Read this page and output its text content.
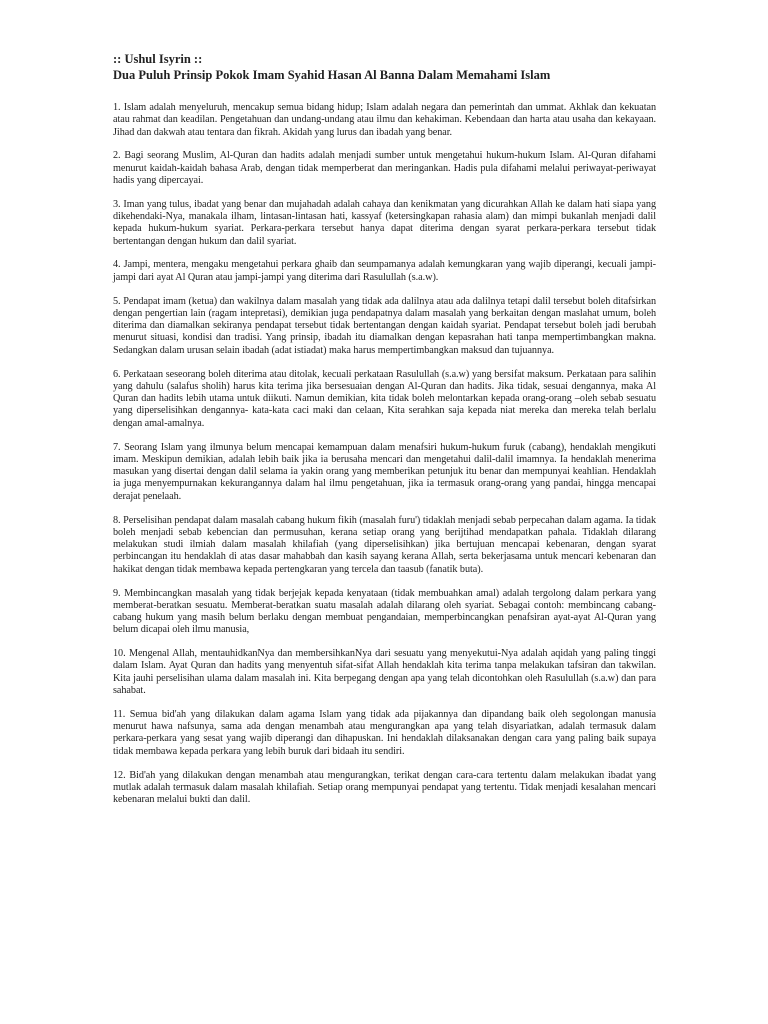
:: Ushul Isyrin ::
Dua Puluh Prinsip Pokok Imam Syahid Hasan Al Banna Dalam Memahami Islam

1. Islam adalah menyeluruh, mencakup semua bidang hidup; Islam adalah negara dan pemerintah dan ummat. Akhlak dan kekuatan atau rahmat dan keadilan. Pengetahuan dan undang-undang atau ilmu dan kehakiman. Kebendaan dan harta atau usaha dan kekayaan. Jihad dan dakwah atau tentara dan fikrah. Akidah yang lurus dan ibadah yang benar.

2. Bagi seorang Muslim, Al-Quran dan hadits adalah menjadi sumber untuk mengetahui hukum-hukum Islam. Al-Quran difahami menurut kaidah-kaidah bahasa Arab, dengan tidak memperberat dan meringankan. Hadis pula difahami melalui periwayat-periwayat hadis yang dipercayai.

3. Iman yang tulus, ibadat yang benar dan mujahadah adalah cahaya dan kenikmatan yang dicurahkan Allah ke dalam hati siapa yang dikehendaki-Nya, manakala ilham, lintasan-lintasan hati, kassyaf (ketersingkapan rahasia alam) dan mimpi bukanlah menjadi dalil kepada hukum-hukum syariat. Perkara-perkara tersebut hanya dapat diterima dengan syarat perkara-perkara tersebut tidak bertentangan dengan hukum dan dalil syariat.

4. Jampi, mentera, mengaku mengetahui perkara ghaib dan seumpamanya adalah kemungkaran yang wajib diperangi, kecuali jampi-jampi dari ayat Al Quran atau jampi-jampi yang diterima dari Rasulullah (s.a.w).

5. Pendapat imam (ketua) dan wakilnya dalam masalah yang tidak ada dalilnya atau ada dalilnya tetapi dalil tersebut boleh ditafsirkan dengan pengertian lain (ragam intepretasi), demikian juga pendapatnya dalam masalah yang berkaitan dengan maslahat umum, boleh diterima dan diamalkan sekiranya pendapat tersebut tidak bertentangan dengan kaidah syariat. Pendapat tersebut boleh jadi berubah menurut situasi, kondisi dan tradisi. Yang prinsip, ibadah itu diamalkan dengan kepasrahan hati tanpa mempertimbangkan makna. Sedangkan dalam urusan selain ibadah (adat istiadat) maka harus mempertimbangkan maksud dan tujuannya.

6. Perkataan seseorang boleh diterima atau ditolak, kecuali perkataan Rasulullah (s.a.w) yang bersifat maksum. Perkataan para salihin yang dahulu (salafus sholih) harus kita terima jika bersesuaian dengan Al-Quran dan hadits. Jika tidak, sesuai dengannya, maka Al Quran dan hadits lebih utama untuk diikuti. Namun demikian, kita tidak boleh melontarkan kepada orang-orang –oleh sebab sesuatu yang diperselisihkan dengannya- kata-kata caci maki dan celaan, Kita serahkan saja kepada niat mereka dan mereka telah berlalu dengan amal-amalnya.

7. Seorang Islam yang ilmunya belum mencapai kemampuan dalam menafsiri hukum-hukum furuk (cabang), hendaklah mengikuti imam. Meskipun demikian, adalah lebih baik jika ia berusaha mencari dan mengetahui dalil-dalil imamnya. Ia hendaklah menerima masukan yang disertai dengan dalil selama ia yakin orang yang memberikan petunjuk itu benar dan mempunyai keahlian. Hendaklah ia juga menyempurnakan kekurangannya dalam hal ilmu pengetahuan, jika ia termasuk orang-orang yang pandai, hingga mencapai derajat penelaah.

8. Perselisihan pendapat dalam masalah cabang hukum fikih (masalah furu') tidaklah menjadi sebab perpecahan dalam agama. Ia tidak boleh menjadi sebab kebencian dan permusuhan, kerana setiap orang yang berijtihad mendapatkan pahala. Tidaklah dilarang melakukan studi ilmiah dalam masalah khilafiah (yang diperselisihkan) jika bertujuan mencapai kebenaran, dengan syarat perbincangan itu hendaklah di atas dasar mahabbah dan kasih sayang kerana Allah, serta bekerjasama untuk mencari kebenaran dan hakikat dengan tidak membawa kepada pertengkaran yang tercela dan taasub (fanatik buta).

9. Membincangkan masalah yang tidak berjejak kepada kenyataan (tidak membuahkan amal) adalah tergolong dalam perkara yang memberat-beratkan sesuatu. Memberat-beratkan suatu masalah adalah dilarang oleh syariat. Sebagai contoh: membincang cabang-cabang hukum yang masih belum berlaku dengan membuat pengandaian, memperbincangkan penafsiran ayat-ayat Al-Quran yang belum dicapai oleh ilmu manusia,

10. Mengenal Allah, mentauhidkanNya dan membersihkanNya dari sesuatu yang menyekutui-Nya adalah aqidah yang paling tinggi dalam Islam. Ayat Quran dan hadits yang menyentuh sifat-sifat Allah hendaklah kita terima tanpa melakukan tafsiran dan takwilan. Kita jauhi perselisihan ulama dalam masalah ini. Kita berpegang dengan apa yang telah dicontohkan oleh Rasulullah (s.a.w) dan para sahabat.

11. Semua bid'ah yang dilakukan dalam agama Islam yang tidak ada pijakannya dan dipandang baik oleh segolongan manusia menurut hawa nafsunya, sama ada dengan menambah atau mengurangkan apa yang telah disyariatkan, adalah termasuk dalam perkara-perkara yang sesat yang wajib diperangi dan dihapuskan. Ini hendaklah dilaksanakan dengan cara yang paling baik supaya tidak membawa kepada perkara yang lebih buruk dari bidaah itu sendiri.

12. Bid'ah yang dilakukan dengan menambah atau mengurangkan, terikat dengan cara-cara tertentu dalam melakukan ibadat yang mutlak adalah termasuk dalam masalah khilafiah. Setiap orang mempunyai pendapat yang tertentu. Tidak menjadi kesalahan mencari kebenaran melalui bukti dan dalil.
